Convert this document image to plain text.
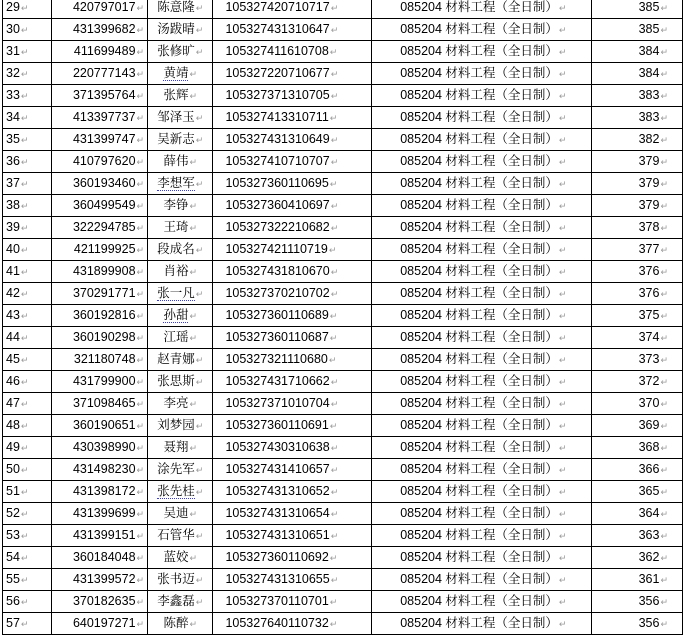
29↵	420797017↵	陈意隆↵	105327420710717↵	085204 材料工程（全日制）↵	385↵
30↵	431399682↵	汤跋晴↵	105327431310647↵	085204 材料工程（全日制）↵	385↵
31↵	411699489↵	张修旷↵	105327411610708↵	085204 材料工程（全日制）↵	384↵
32↵	220777143↵	黄靖↵	105327220710677↵	085204 材料工程（全日制）↵	384↵
33↵	371395764↵	张辉↵	105327371310705↵	085204 材料工程（全日制）↵	383↵
34↵	413397737↵	邹泽玉↵	105327413310711↵	085204 材料工程（全日制）↵	383↵
35↵	431399747↵	吴新志↵	105327431310649↵	085204 材料工程（全日制）↵	382↵
36↵	410797620↵	薛伟↵	105327410710707↵	085204 材料工程（全日制）↵	379↵
37↵	360193460↵	李想军↵	105327360110695↵	085204 材料工程（全日制）↵	379↵
38↵	360499549↵	李铮↵	105327360410697↵	085204 材料工程（全日制）↵	379↵
39↵	322294785↵	王琦↵	105327322210682↵	085204 材料工程（全日制）↵	378↵
40↵	421199925↵	段成名↵	105327421110719↵	085204 材料工程（全日制）↵	377↵
41↵	431899908↵	肖裕↵	105327431810670↵	085204 材料工程（全日制）↵	376↵
42↵	370291771↵	张一凡↵	105327370210702↵	085204 材料工程（全日制）↵	376↵
43↵	360192816↵	孙甜↵	105327360110689↵	085204 材料工程（全日制）↵	375↵
44↵	360190298↵	江瑶↵	105327360110687↵	085204 材料工程（全日制）↵	374↵
45↵	321180748↵	赵青娜↵	105327321110680↵	085204 材料工程（全日制）↵	373↵
46↵	431799900↵	张思斯↵	105327431710662↵	085204 材料工程（全日制）↵	372↵
47↵	371098465↵	李亮↵	105327371010704↵	085204 材料工程（全日制）↵	370↵
48↵	360190651↵	刘梦园↵	105327360110691↵	085204 材料工程（全日制）↵	369↵
49↵	430398990↵	聂翔↵	105327430310638↵	085204 材料工程（全日制）↵	368↵
50↵	431498230↵	涂先军↵	105327431410657↵	085204 材料工程（全日制）↵	366↵
51↵	431398172↵	张先桂↵	105327431310652↵	085204 材料工程（全日制）↵	365↵
52↵	431399699↵	吴迪↵	105327431310654↵	085204 材料工程（全日制）↵	364↵
53↵	431399151↵	石管华↵	105327431310651↵	085204 材料工程（全日制）↵	363↵
54↵	360184048↵	蓝姣↵	105327360110692↵	085204 材料工程（全日制）↵	362↵
55↵	431399572↵	张书迈↵	105327431310655↵	085204 材料工程（全日制）↵	361↵
56↵	370182635↵	李鑫磊↵	105327370110701↵	085204 材料工程（全日制）↵	356↵
57↵	640197271↵	陈醉↵	105327640110732↵	085204 材料工程（全日制）↵	356↵
